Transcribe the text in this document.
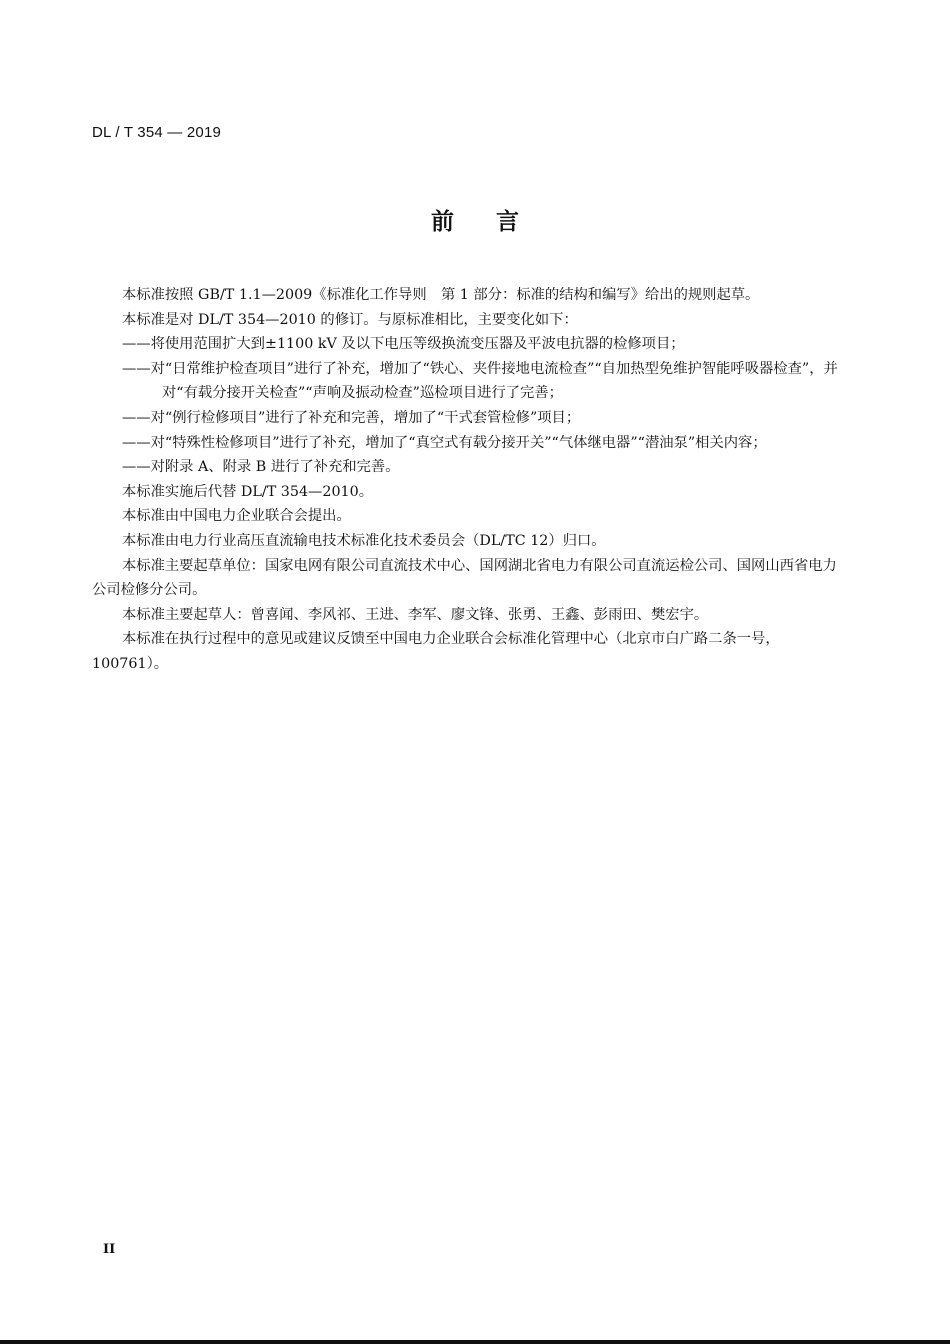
DL / T 354 — 2019
前 言

本标准按照 GB/T 1.1—2009《标准化工作导则　第 1 部分：标准的结构和编写》给出的规则起草。

本标准是对 DL/T 354—2010 的修订。与原标准相比，主要变化如下：

——将使用范围扩大到±1100 kV 及以下电压等级换流变压器及平波电抗器的检修项目；

——对“日常维护检查项目”进行了补充，增加了“铁心、夹件接地电流检查”“自加热型免维护智能呼吸器检查”，并对“有载分接开关检查”“声响及振动检查”巡检项目进行了完善；

——对“例行检修项目”进行了补充和完善，增加了“干式套管检修”项目；

——对“特殊性检修项目”进行了补充，增加了“真空式有载分接开关”“气体继电器”“潜油泵”相关内容；

——对附录 A、附录 B 进行了补充和完善。

本标准实施后代替 DL/T 354—2010。

本标准由中国电力企业联合会提出。

本标准由电力行业高压直流输电技术标准化技术委员会（DL/TC 12）归口。

本标准主要起草单位：国家电网有限公司直流技术中心、国网湖北省电力有限公司直流运检公司、国网山西省电力公司检修分公司。

本标准主要起草人：曾喜闻、李风祁、王进、李军、廖文锋、张勇、王鑫、彭雨田、樊宏宇。

本标准在执行过程中的意见或建议反馈至中国电力企业联合会标准化管理中心（北京市白广路二条一号，100761）。

II
